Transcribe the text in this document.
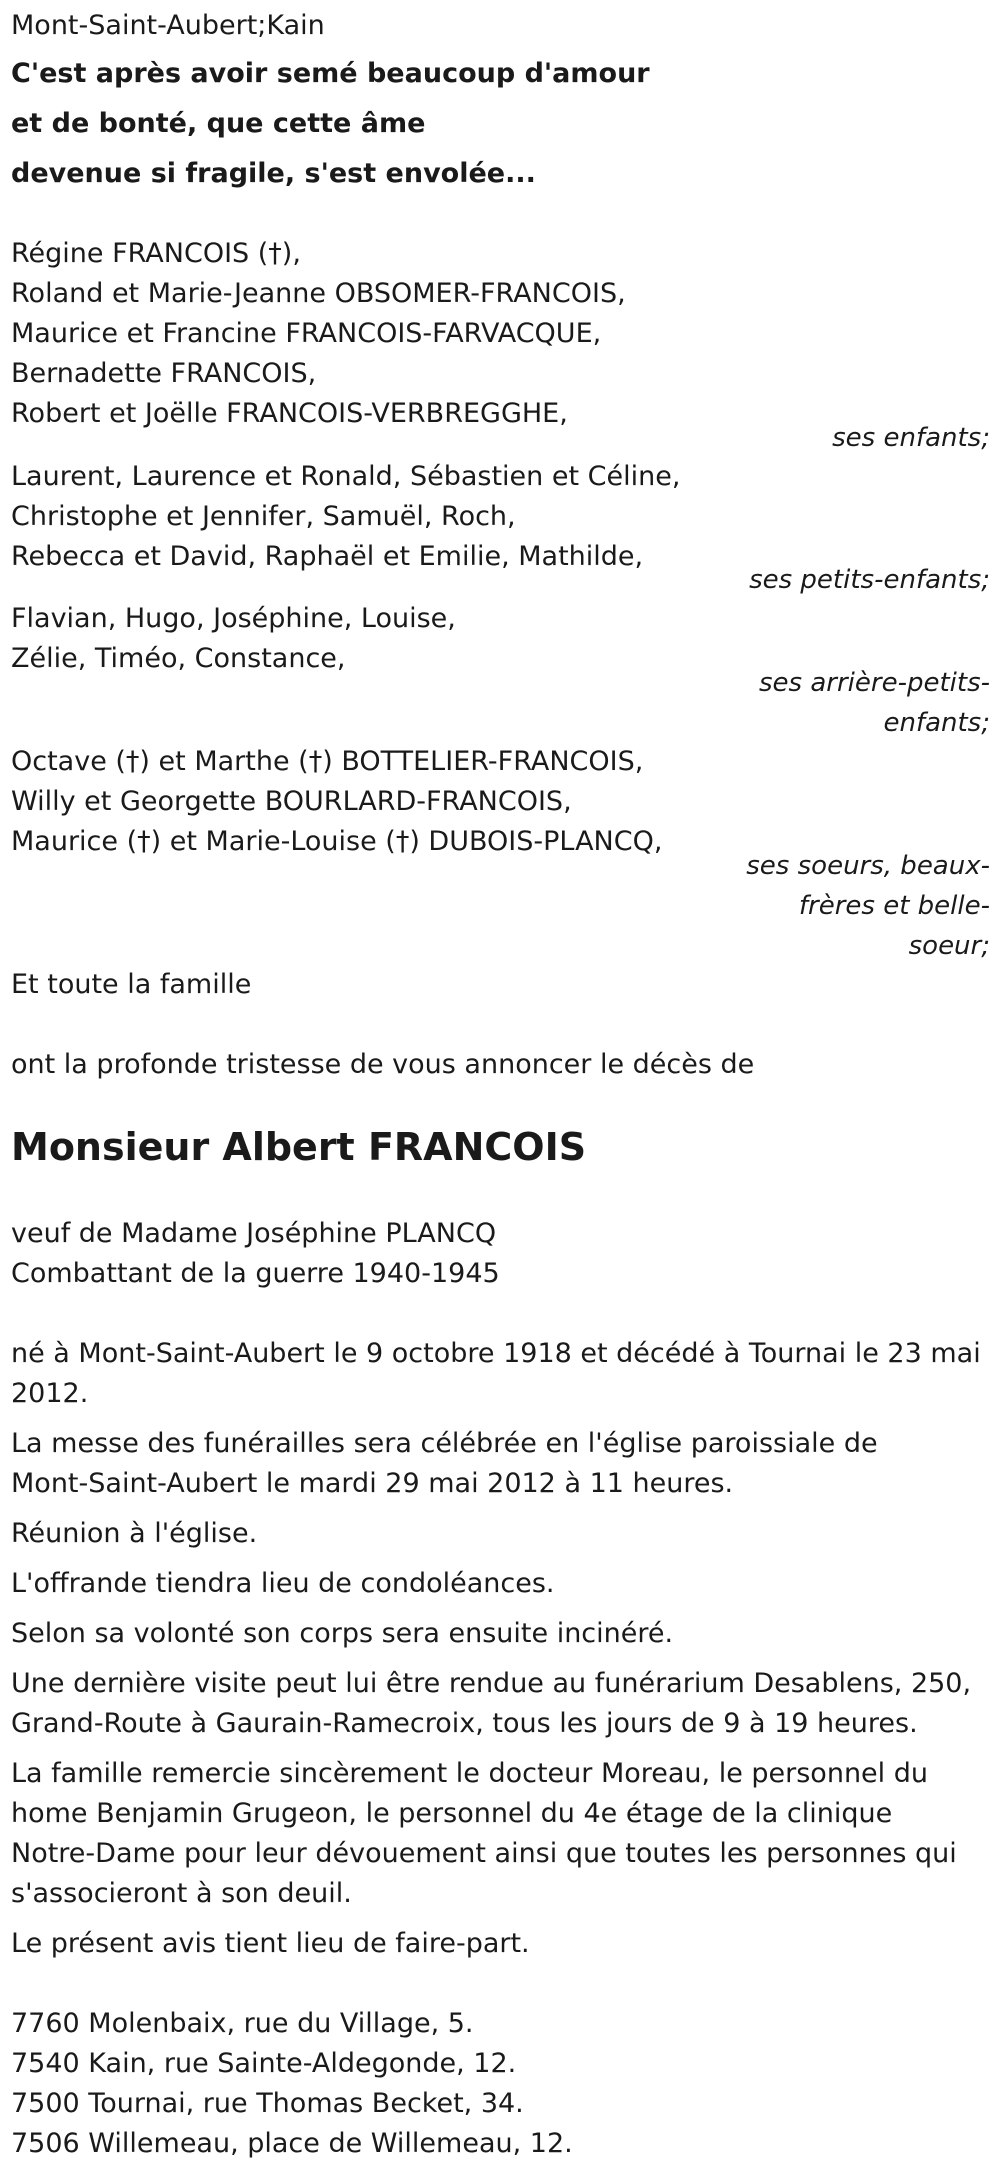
Mont-Saint-Aubert;Kain
C'est après avoir semé beaucoup d'amour
et de bonté, que cette âme
devenue si fragile, s'est envolée...
Régine FRANCOIS (†),
Roland et Marie-Jeanne OBSOMER-FRANCOIS,
Maurice et Francine FRANCOIS-FARVACQUE,
Bernadette FRANCOIS,
Robert et Joëlle FRANCOIS-VERBREGGHE,
ses enfants;
Laurent, Laurence et Ronald, Sébastien et Céline,
Christophe et Jennifer, Samuël, Roch,
Rebecca et David, Raphaël et Emilie, Mathilde,
ses petits-enfants;
Flavian, Hugo, Joséphine, Louise,
Zélie, Timéo, Constance,
ses arrière-petits-
enfants;
Octave (†) et Marthe (†) BOTTELIER-FRANCOIS,
Willy et Georgette BOURLARD-FRANCOIS,
Maurice (†) et Marie-Louise (†) DUBOIS-PLANCQ,
ses soeurs, beaux-
frères et belle-
soeur;
Et toute la famille
ont la profonde tristesse de vous annoncer le décès de
Monsieur Albert FRANCOIS
veuf de Madame Joséphine PLANCQ
Combattant de la guerre 1940-1945
né à Mont-Saint-Aubert le 9 octobre 1918 et décédé à Tournai le 23 mai
2012.
La messe des funérailles sera célébrée en l'église paroissiale de
Mont-Saint-Aubert le mardi 29 mai 2012 à 11 heures.
Réunion à l'église.
L'offrande tiendra lieu de condoléances.
Selon sa volonté son corps sera ensuite incinéré.
Une dernière visite peut lui être rendue au funérarium Desablens, 250,
Grand-Route à Gaurain-Ramecroix, tous les jours de 9 à 19 heures.
La famille remercie sincèrement le docteur Moreau, le personnel du
home Benjamin Grugeon, le personnel du 4e étage de la clinique
Notre-Dame pour leur dévouement ainsi que toutes les personnes qui
s'associeront à son deuil.
Le présent avis tient lieu de faire-part.
7760 Molenbaix, rue du Village, 5.
7540 Kain, rue Sainte-Aldegonde, 12.
7500 Tournai, rue Thomas Becket, 34.
7506 Willemeau, place de Willemeau, 12.
